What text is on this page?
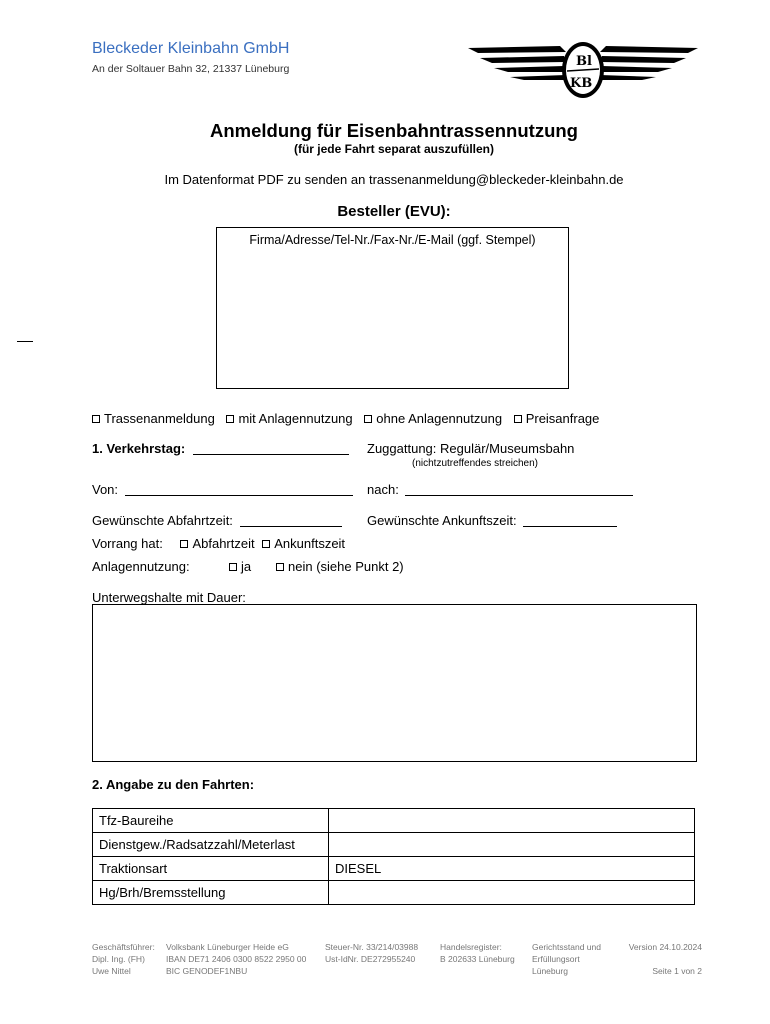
Bleckeder Kleinbahn GmbH
An der Soltauer Bahn 32, 21337 Lüneburg	Bl
KB
Anmeldung für Eisenbahntrassennutzung
(für jede Fahrt separat auszufüllen)
Im Datenformat PDF zu senden an trassenanmeldung@bleckeder-kleinbahn.de
Besteller (EVU):
Firma/Adresse/Tel-Nr./Fax-Nr./E-Mail (ggf. Stempel)
Trassenanmeldung mit Anlagennutzung ohne Anlagennutzung Preisanfrage
1. Verkehrstag:	Zuggattung: Regulär/Museumsbahn
(nichtzutreffendes streichen)
Von:	nach:
Gewünschte Abfahrtzeit:	Gewünschte Ankunftszeit:
Vorrang hat: Abfahrtzeit Ankunftszeit
Anlagennutzung:	ja	nein (siehe Punkt 2)
Unterwegshalte mit Dauer:
2. Angabe zu den Fahrten:
Tfz-Baureihe	
Dienstgew./Radsatzzahl/Meterlast	
Traktionsart	DIESEL
Hg/Brh/Bremsstellung	
Geschäftsführer:
Dipl. Ing. (FH)
Uwe Nittel
Volksbank Lüneburger Heide eG
IBAN DE71 2406 0300 8522 2950 00
BIC GENODEF1NBU
Steuer-Nr. 33/214/03988
Ust-IdNr. DE272955240
Handelsregister:
B 202633 Lüneburg
Gerichtsstand und
Erfüllungsort
Lüneburg
Version 24.10.2024

Seite 1 von 2
